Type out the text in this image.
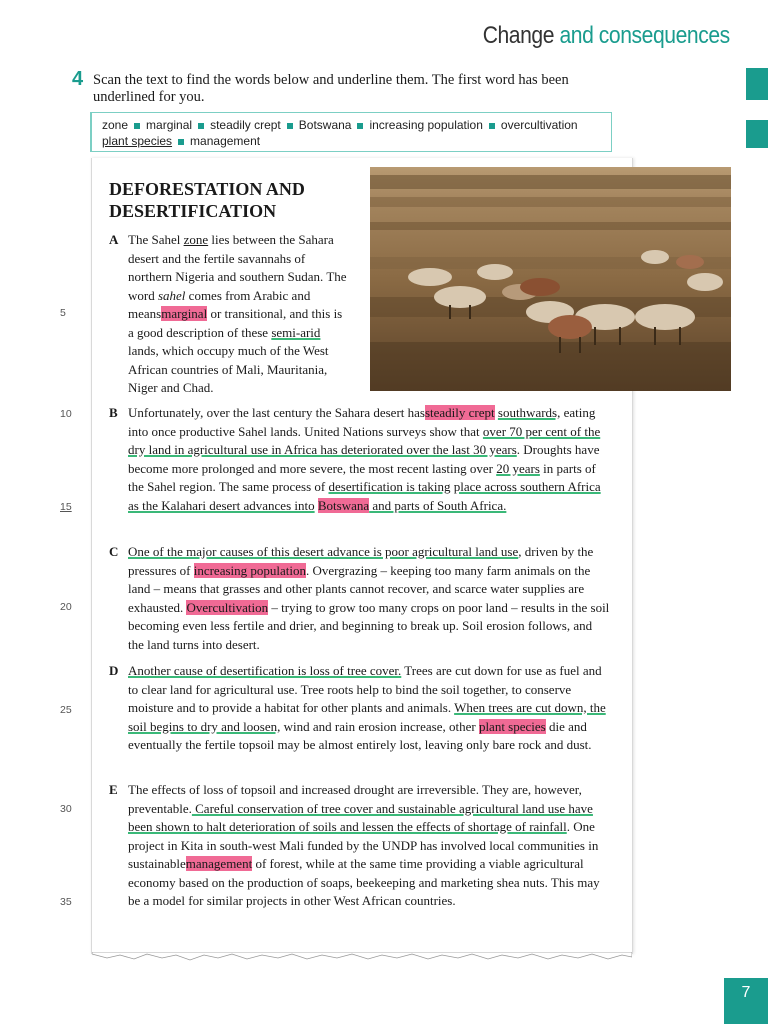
Change and consequences
4 Scan the text to find the words below and underline them. The first word has been underlined for you.
zone marginal steadily crept Botswana increasing population overcultivation
plant species management
DEFORESTATION AND DESERTIFICATION
5
10
15
20
25
30
35
A The Sahel zone lies between the Sahara desert and the fertile savannahs of northern Nigeria and southern Sudan. The word sahel comes from Arabic and meansmarginal or transitional, and this is a good description of these semi-arid lands, which occupy much of the West African countries of Mali, Mauritania, Niger and Chad.
B Unfortunately, over the last century the Sahara desert hassteadily crept southwards, eating into once productive Sahel lands. United Nations surveys show that over 70 per cent of the dry land in agricultural use in Africa has deteriorated over the last 30 years. Droughts have become more prolonged and more severe, the most recent lasting over 20 years in parts of the Sahel region. The same process of desertification is taking place across southern Africa as the Kalahari desert advances into Botswana and parts of South Africa.
C One of the major causes of this desert advance is poor agricultural land use, driven by the pressures of increasing population. Overgrazing – keeping too many farm animals on the land – means that grasses and other plants cannot recover, and scarce water supplies are exhausted. Overcultivation – trying to grow too many crops on poor land – results in the soil becoming even less fertile and drier, and beginning to break up. Soil erosion follows, and the land turns into desert.
D Another cause of desertification is loss of tree cover. Trees are cut down for use as fuel and to clear land for agricultural use. Tree roots help to bind the soil together, to conserve moisture and to provide a habitat for other plants and animals. When trees are cut down, the soil begins to dry and loosen, wind and rain erosion increase, other plant species die and eventually the fertile topsoil may be almost entirely lost, leaving only bare rock and dust.
E The effects of loss of topsoil and increased drought are irreversible. They are, however, preventable. Careful conservation of tree cover and sustainable agricultural land use have been shown to halt deterioration of soils and lessen the effects of shortage of rainfall. One project in Kita in south-west Mali funded by the UNDP has involved local communities in sustainablemanagement of forest, while at the same time providing a viable agricultural economy based on the production of soaps, beekeeping and marketing shea nuts. This may be a model for similar projects in other West African countries.
7
